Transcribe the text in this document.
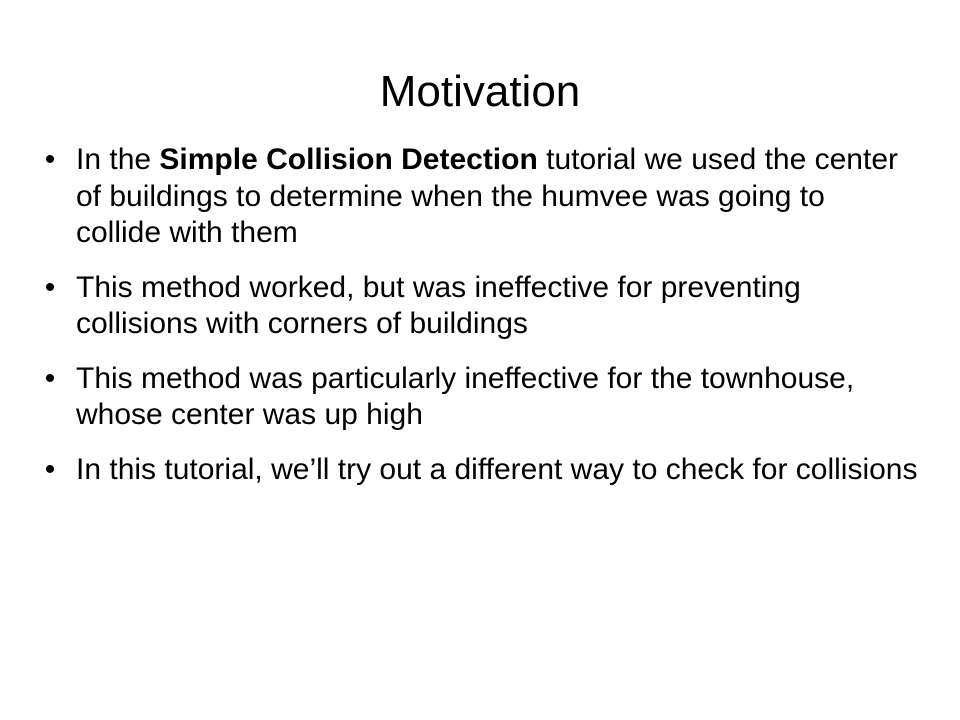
Motivation
• In the Simple Collision Detection tutorial we used the center of buildings to determine when the humvee was going to collide with them
• This method worked, but was ineffective for preventing collisions with corners of buildings
• This method was particularly ineffective for the townhouse, whose center was up high
• In this tutorial, we’ll try out a different way to check for collisions
